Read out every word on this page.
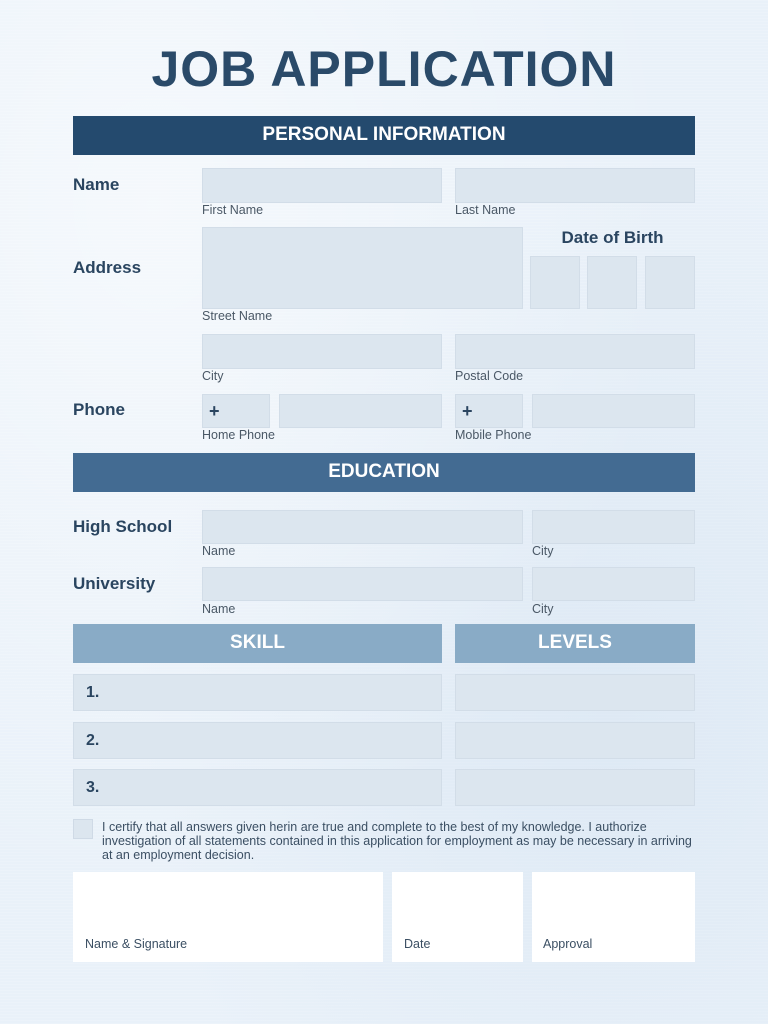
JOB APPLICATION
PERSONAL INFORMATION
Name
First Name	Last Name
Address
Street Name
Date of Birth
City	Postal Code
Phone	+	+
Home Phone	Mobile Phone
EDUCATION
High School
Name	City
University
Name	City
SKILL	LEVELS
1.
2.
3.
I certify that all answers given herin are true and complete to the best of my knowledge. I authorize investigation of all statements contained in this application for employment as may be necessary in arriving at an employment decision.
Name & Signature	Date	Approval
